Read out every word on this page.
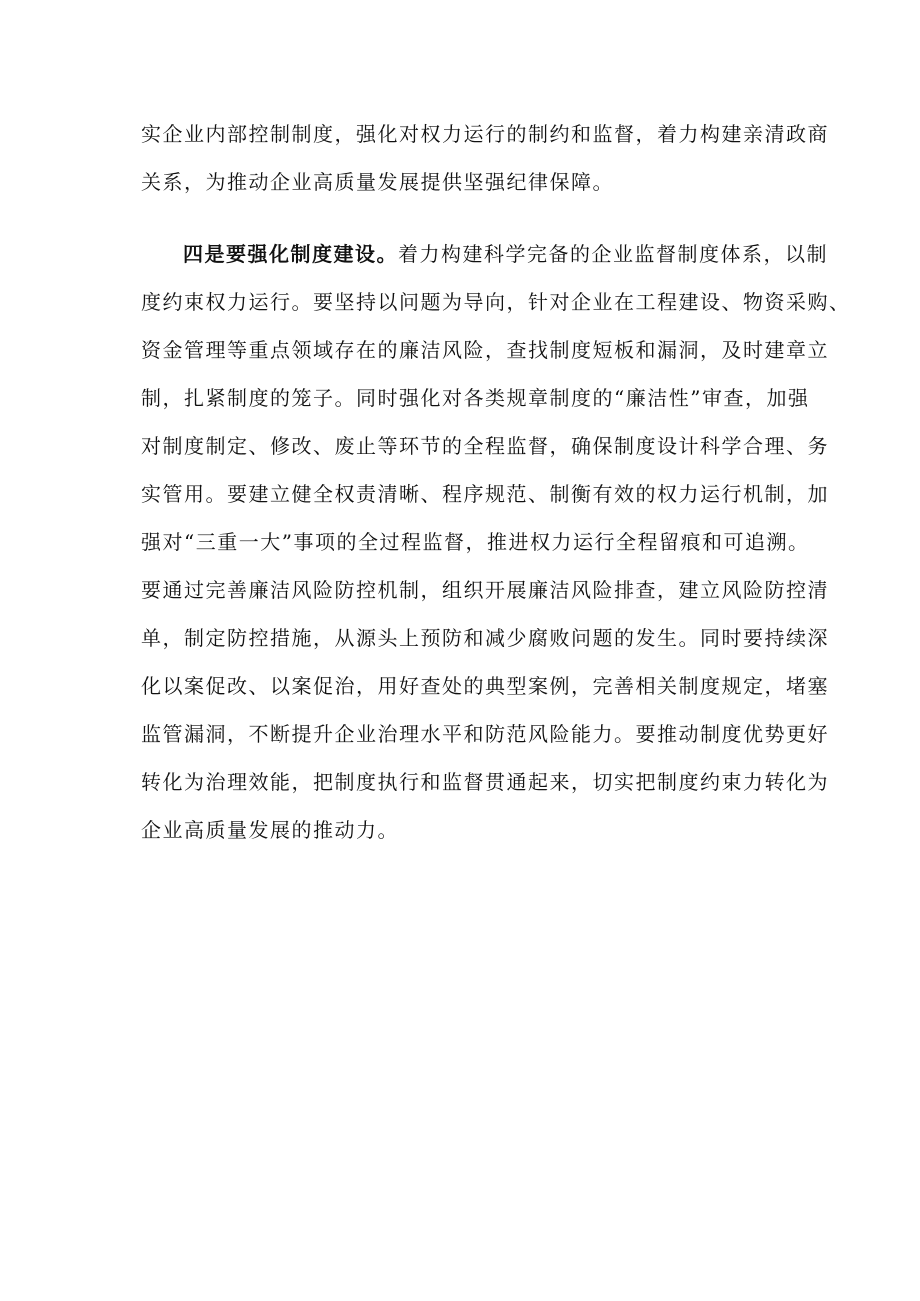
实企业内部控制制度，强化对权力运行的制约和监督，着力构建亲清政商
关系，为推动企业高质量发展提供坚强纪律保障。
四是要强化制度建设。着力构建科学完备的企业监督制度体系，以制
度约束权力运行。要坚持以问题为导向，针对企业在工程建设、物资采购、
资金管理等重点领域存在的廉洁风险，查找制度短板和漏洞，及时建章立
制，扎紧制度的笼子。同时强化对各类规章制度的“廉洁性”审查，加强
对制度制定、修改、废止等环节的全程监督，确保制度设计科学合理、务
实管用。要建立健全权责清晰、程序规范、制衡有效的权力运行机制，加
强对“三重一大”事项的全过程监督，推进权力运行全程留痕和可追溯。
要通过完善廉洁风险防控机制，组织开展廉洁风险排查，建立风险防控清
单，制定防控措施，从源头上预防和减少腐败问题的发生。同时要持续深
化以案促改、以案促治，用好查处的典型案例，完善相关制度规定，堵塞
监管漏洞，不断提升企业治理水平和防范风险能力。要推动制度优势更好
转化为治理效能，把制度执行和监督贯通起来，切实把制度约束力转化为
企业高质量发展的推动力。
